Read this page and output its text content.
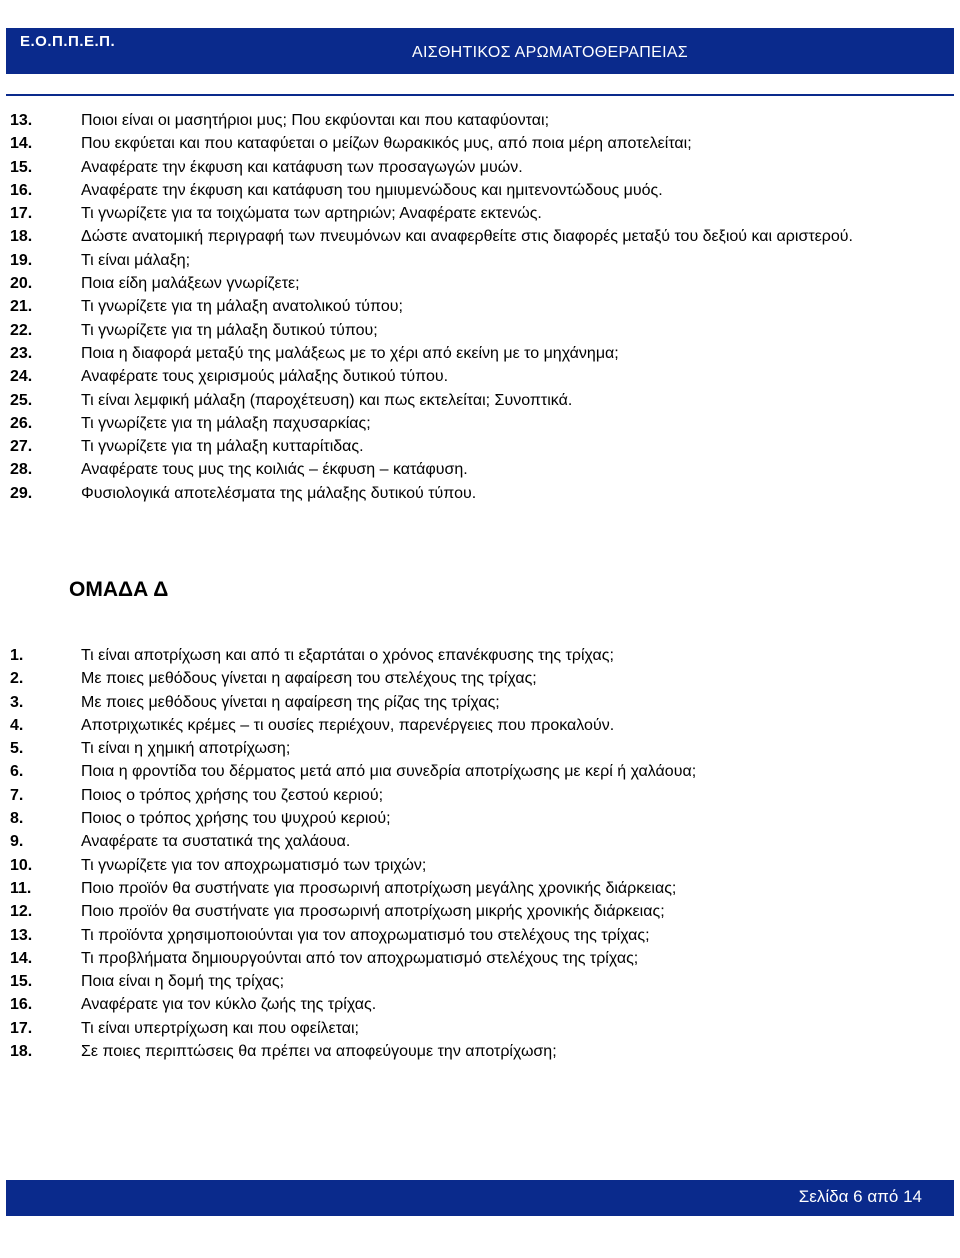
Ε.Ο.Π.Π.Ε.Π.
ΑΙΣΘΗΤΙΚΟΣ ΑΡΩΜΑΤΟΘΕΡΑΠΕΙΑΣ
13.	Ποιοι είναι οι μασητήριοι μυς; Που εκφύονται και που καταφύονται;
14.	Που εκφύεται και που καταφύεται ο μείζων θωρακικός μυς, από ποια μέρη αποτελείται;
15.	Αναφέρατε την έκφυση και κατάφυση των προσαγωγών μυών.
16.	Αναφέρατε την έκφυση και κατάφυση του ημιυμενώδους και ημιτενοντώδους μυός.
17.	Τι γνωρίζετε για τα τοιχώματα των αρτηριών; Αναφέρατε εκτενώς.
18.	Δώστε ανατομική περιγραφή των πνευμόνων και αναφερθείτε στις διαφορές μεταξύ του δεξιού και αριστερού.
19.	Τι είναι μάλαξη;
20.	Ποια είδη μαλάξεων γνωρίζετε;
21.	Τι γνωρίζετε για τη μάλαξη ανατολικού τύπου;
22.	Τι γνωρίζετε για τη μάλαξη δυτικού τύπου;
23.	Ποια η διαφορά μεταξύ της μαλάξεως με το χέρι από εκείνη με το μηχάνημα;
24.	Αναφέρατε τους χειρισμούς μάλαξης δυτικού τύπου.
25.	Τι είναι λεμφική μάλαξη (παροχέτευση) και πως εκτελείται; Συνοπτικά.
26.	Τι γνωρίζετε για τη μάλαξη παχυσαρκίας;
27.	Τι γνωρίζετε για τη μάλαξη κυτταρίτιδας.
28.	Αναφέρατε τους μυς της κοιλιάς – έκφυση – κατάφυση.
29.	Φυσιολογικά αποτελέσματα της μάλαξης δυτικού τύπου.
ΟΜΑΔΑ Δ
1.	Τι είναι αποτρίχωση και από τι εξαρτάται ο χρόνος επανέκφυσης της τρίχας;
2.	Με ποιες μεθόδους γίνεται η αφαίρεση του στελέχους της τρίχας;
3.	Με ποιες μεθόδους γίνεται η αφαίρεση της ρίζας της τρίχας;
4.	Αποτριχωτικές κρέμες – τι ουσίες περιέχουν, παρενέργειες που προκαλούν.
5.	Τι είναι η χημική αποτρίχωση;
6.	Ποια η φροντίδα του δέρματος μετά από μια συνεδρία αποτρίχωσης με κερί ή χαλάουα;
7.	Ποιος ο τρόπος χρήσης του ζεστού κεριού;
8.	Ποιος ο τρόπος χρήσης του ψυχρού κεριού;
9.	Αναφέρατε τα συστατικά της χαλάουα.
10.	Τι γνωρίζετε για τον αποχρωματισμό των τριχών;
11.	Ποιο προϊόν θα συστήνατε για προσωρινή αποτρίχωση μεγάλης χρονικής διάρκειας;
12.	Ποιο προϊόν θα συστήνατε για προσωρινή αποτρίχωση μικρής χρονικής διάρκειας;
13.	Τι προϊόντα χρησιμοποιούνται για τον αποχρωματισμό του στελέχους της τρίχας;
14.	Τι προβλήματα δημιουργούνται από τον αποχρωματισμό στελέχους της τρίχας;
15.	Ποια είναι η δομή της τρίχας;
16.	Αναφέρατε για τον κύκλο ζωής της τρίχας.
17.	Τι είναι υπερτρίχωση και που οφείλεται;
18.	Σε ποιες περιπτώσεις θα πρέπει να αποφεύγουμε την αποτρίχωση;
Σελίδα 6 από 14
